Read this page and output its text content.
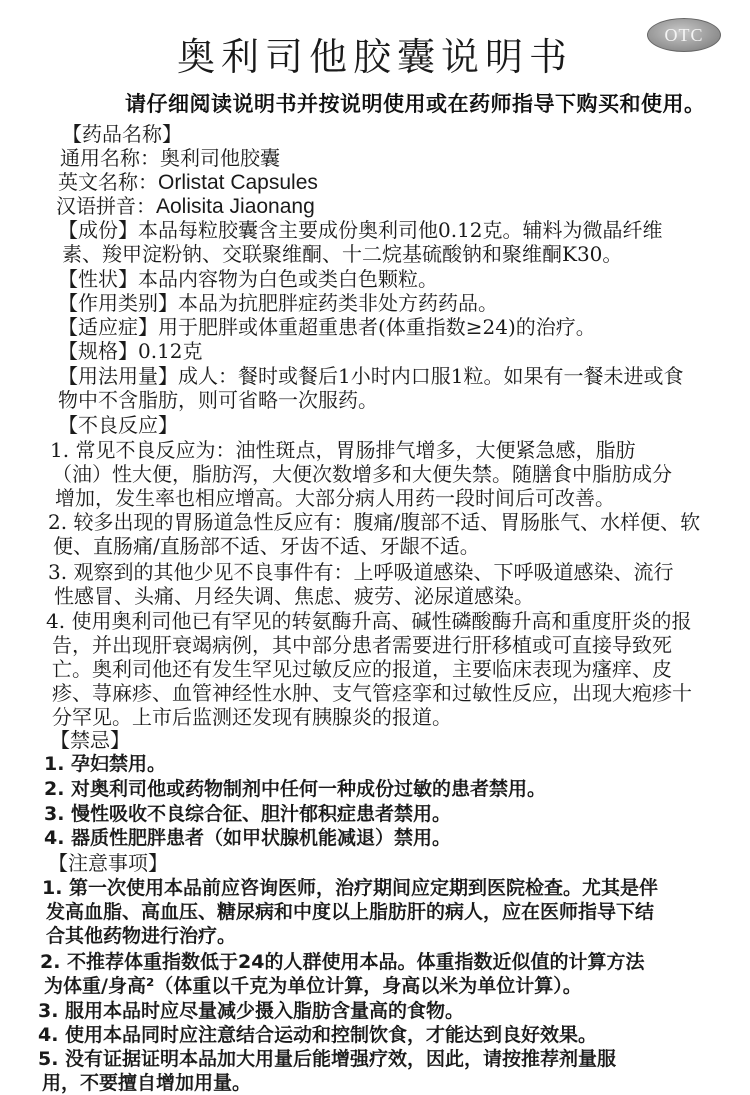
奥利司他胶囊说明书
OTC
请仔细阅读说明书并按说明使用或在药师指导下购买和使用。
【药品名称】
通用名称：奥利司他胶囊
英文名称：Orlistat Capsules
汉语拼音：Aolisita Jiaonang
【成份】本品每粒胶囊含主要成份奥利司他0.12克。辅料为微晶纤维
素、羧甲淀粉钠、交联聚维酮、十二烷基硫酸钠和聚维酮K30。
【性状】本品内容物为白色或类白色颗粒。
【作用类别】本品为抗肥胖症药类非处方药药品。
【适应症】用于肥胖或体重超重患者(体重指数≥24)的治疗。
【规格】0.12克
【用法用量】成人：餐时或餐后1小时内口服1粒。如果有一餐未进或食
物中不含脂肪，则可省略一次服药。
【不良反应】
1. 常见不良反应为：油性斑点，胃肠排气增多，大便紧急感，脂肪
（油）性大便，脂肪泻，大便次数增多和大便失禁。随膳食中脂肪成分
增加，发生率也相应增高。大部分病人用药一段时间后可改善。
2. 较多出现的胃肠道急性反应有：腹痛/腹部不适、胃肠胀气、水样便、软
便、直肠痛/直肠部不适、牙齿不适、牙龈不适。
3. 观察到的其他少见不良事件有：上呼吸道感染、下呼吸道感染、流行
性感冒、头痛、月经失调、焦虑、疲劳、泌尿道感染。
4. 使用奥利司他已有罕见的转氨酶升高、碱性磷酸酶升高和重度肝炎的报
告，并出现肝衰竭病例，其中部分患者需要进行肝移植或可直接导致死
亡。奥利司他还有发生罕见过敏反应的报道，主要临床表现为瘙痒、皮
疹、荨麻疹、血管神经性水肿、支气管痉挛和过敏性反应，出现大疱疹十
分罕见。上市后监测还发现有胰腺炎的报道。
【禁忌】
1. 孕妇禁用。
2. 对奥利司他或药物制剂中任何一种成份过敏的患者禁用。
3. 慢性吸收不良综合征、胆汁郁积症患者禁用。
4. 器质性肥胖患者（如甲状腺机能减退）禁用。
【注意事项】
1. 第一次使用本品前应咨询医师，治疗期间应定期到医院检查。尤其是伴
发高血脂、高血压、糖尿病和中度以上脂肪肝的病人，应在医师指导下结
合其他药物进行治疗。
2. 不推荐体重指数低于24的人群使用本品。体重指数近似值的计算方法
为体重/身高²（体重以千克为单位计算，身高以米为单位计算）。
3. 服用本品时应尽量减少摄入脂肪含量高的食物。
4. 使用本品同时应注意结合运动和控制饮食，才能达到良好效果。
5. 没有证据证明本品加大用量后能增强疗效，因此，请按推荐剂量服
用，不要擅自增加用量。
